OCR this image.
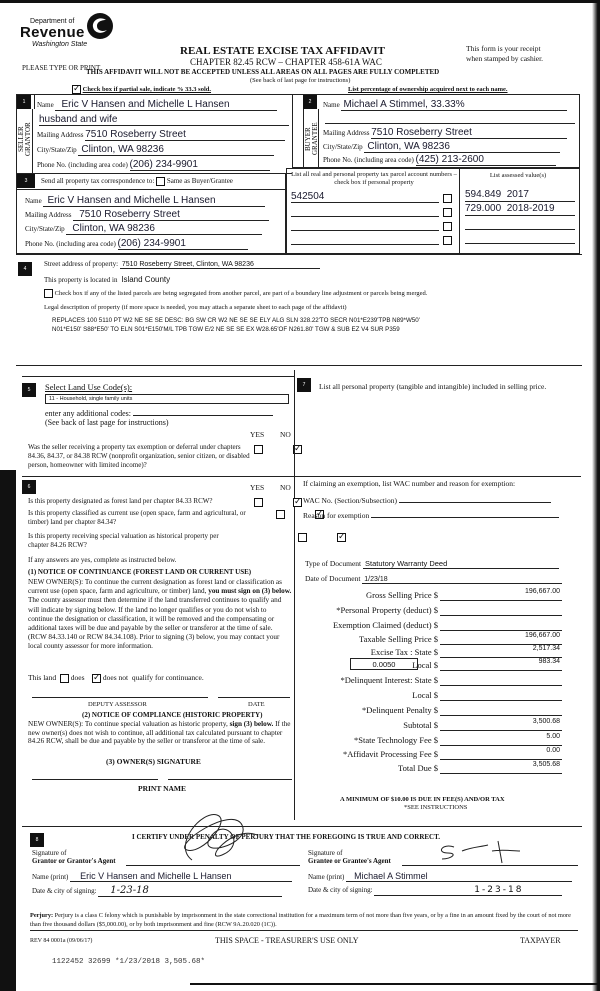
Department of
Revenue
Washington State
PLEASE TYPE OR PRINT
REAL ESTATE EXCISE TAX AFFIDAVIT
CHAPTER 82.45 RCW – CHAPTER 458-61A WAC
This form is your receipt
when stamped by cashier.
THIS AFFIDAVIT WILL NOT BE ACCEPTED UNLESS ALL AREAS ON ALL PAGES ARE FULLY COMPLETED
(See back of last page for instructions)
✓ Check box if partial sale, indicate % 33.3 sold.	List percentage of ownership acquired next to each name.
1
SELLER GRANTOR
Name Eric V Hansen and Michelle L Hansen
husband and wife
Mailing Address 7510 Roseberry Street
City/State/Zip Clinton, WA 98236
Phone No. (including area code) (206) 234-9901
2
BUYER GRANTEE
Name Michael A Stimmel, 33.33%
Mailing Address 7510 Roseberry Street
City/State/Zip Clinton, WA 98236
Phone No. (including area code) (425) 213-2600
3	Send all property tax correspondence to: Same as Buyer/Grantee
Name Eric V Hansen and Michelle L Hansen
Mailing Address 7510 Roseberry Street
City/State/Zip Clinton, WA 98236
Phone No. (including area code) (206) 234-9901
List all real and personal property tax parcel account numbers – check box if personal property
List assessed value(s)
542504	594.849  2017
729.000  2018-2019
4
Street address of property: 7510 Roseberry Street, Clinton, WA 98236
This property is located in Island County
Check box if any of the listed parcels are being segregated from another parcel, are part of a boundary line adjustment or parcels being merged.
Legal description of property (if more space is needed, you may attach a separate sheet to each page of the affidavit)
REPLACES 100 5110 PT W2 NE SE SE DESC: BG SW CR W2 NE SE SE ELY ALG SLN 328.22'TO SECR N01*E239'TPB N89*W50'
N01*E150' S88*E50' TO ELN S01*E150'M/L TPB TGW E/2 NE SE SE EX W28.65'OF N261.80' TGW & SUB EZ V4 SUR P359
5	Select Land Use Code(s):
11 - Household, single family units
enter any additional codes:
(See back of last page for instructions)
YES NO
Was the seller receiving a property tax exemption or deferral under chapters 84.36, 84.37, or 84.38 RCW (nonprofit organization, senior citizen, or disabled person, homeowner with limited income)?
✓
6	YES NO
Is this property designated as forest land per chapter 84.33 RCW?
✓
Is this property classified as current use (open space, farm and agricultural, or timber) land per chapter 84.34?
✓
Is this property receiving special valuation as historical property per chapter 84.26 RCW?
✓
If any answers are yes, complete as instructed below.
(1) NOTICE OF CONTINUANCE (FOREST LAND OR CURRENT USE)
NEW OWNER(S): To continue the current designation as forest land or classification as current use (open space, farm and agriculture, or timber) land, you must sign on (3) below. The county assessor must then determine if the land transferred continues to qualify and will indicate by signing below. If the land no longer qualifies or you do not wish to continue the designation or classification, it will be removed and the compensating or additional taxes will be due and payable by the seller or transferor at the time of sale. (RCW 84.33.140 or RCW 84.34.108). Prior to signing (3) below, you may contact your local county assessor for more information.
This land does ✓ does not qualify for continuance.
DEPUTY ASSESSOR	DATE
(2) NOTICE OF COMPLIANCE (HISTORIC PROPERTY)
NEW OWNER(S): To continue special valuation as historic property, sign (3) below. If the new owner(s) does not wish to continue, all additional tax calculated pursuant to chapter 84.26 RCW, shall be due and payable by the seller or transferor at the time of sale.
(3) OWNER(S) SIGNATURE
PRINT NAME
7	List all personal property (tangible and intangible) included in selling price.
If claiming an exemption, list WAC number and reason for exemption:
WAC No. (Section/Subsection)
Reason for exemption
Type of Document Statutory Warranty Deed
Date of Document 1/23/18
Gross Selling Price $	196,667.00
*Personal Property (deduct) $
Exemption Claimed (deduct) $
Taxable Selling Price $	196,667.00
Excise Tax : State $	2,517.34
0.0050	Local $	983.34
*Delinquent Interest: State $
Local $
*Delinquent Penalty $
Subtotal $	3,500.68
*State Technology Fee $	5.00
*Affidavit Processing Fee $	0.00
Total Due $	3,505.68
A MINIMUM OF $10.00 IS DUE IN FEE(S) AND/OR TAX
*SEE INSTRUCTIONS
8	I CERTIFY UNDER PENALTY OF PERJURY THAT THE FOREGOING IS TRUE AND CORRECT.
Signature of
Grantor or Grantor's Agent
Signature of
Grantee or Grantee's Agent
Name (print) Eric V Hansen and Michelle L Hansen	Name (print) Michael A Stimmel
Date & city of signing: 1-23-18	Date & city of signing:	1-23-18
Perjury: Perjury is a class C felony which is punishable by imprisonment in the state correctional institution for a maximum term of not more than five years, or by a fine in an amount fixed by the court of not more than five thousand dollars ($5,000.00), or by both imprisonment and fine (RCW 9A.20.020 (1C)).
REV 84 0001a (09/06/17)	THIS SPACE - TREASURER'S USE ONLY	TAXPAYER
1122452 32699 *1/23/2018 3,505.68*
